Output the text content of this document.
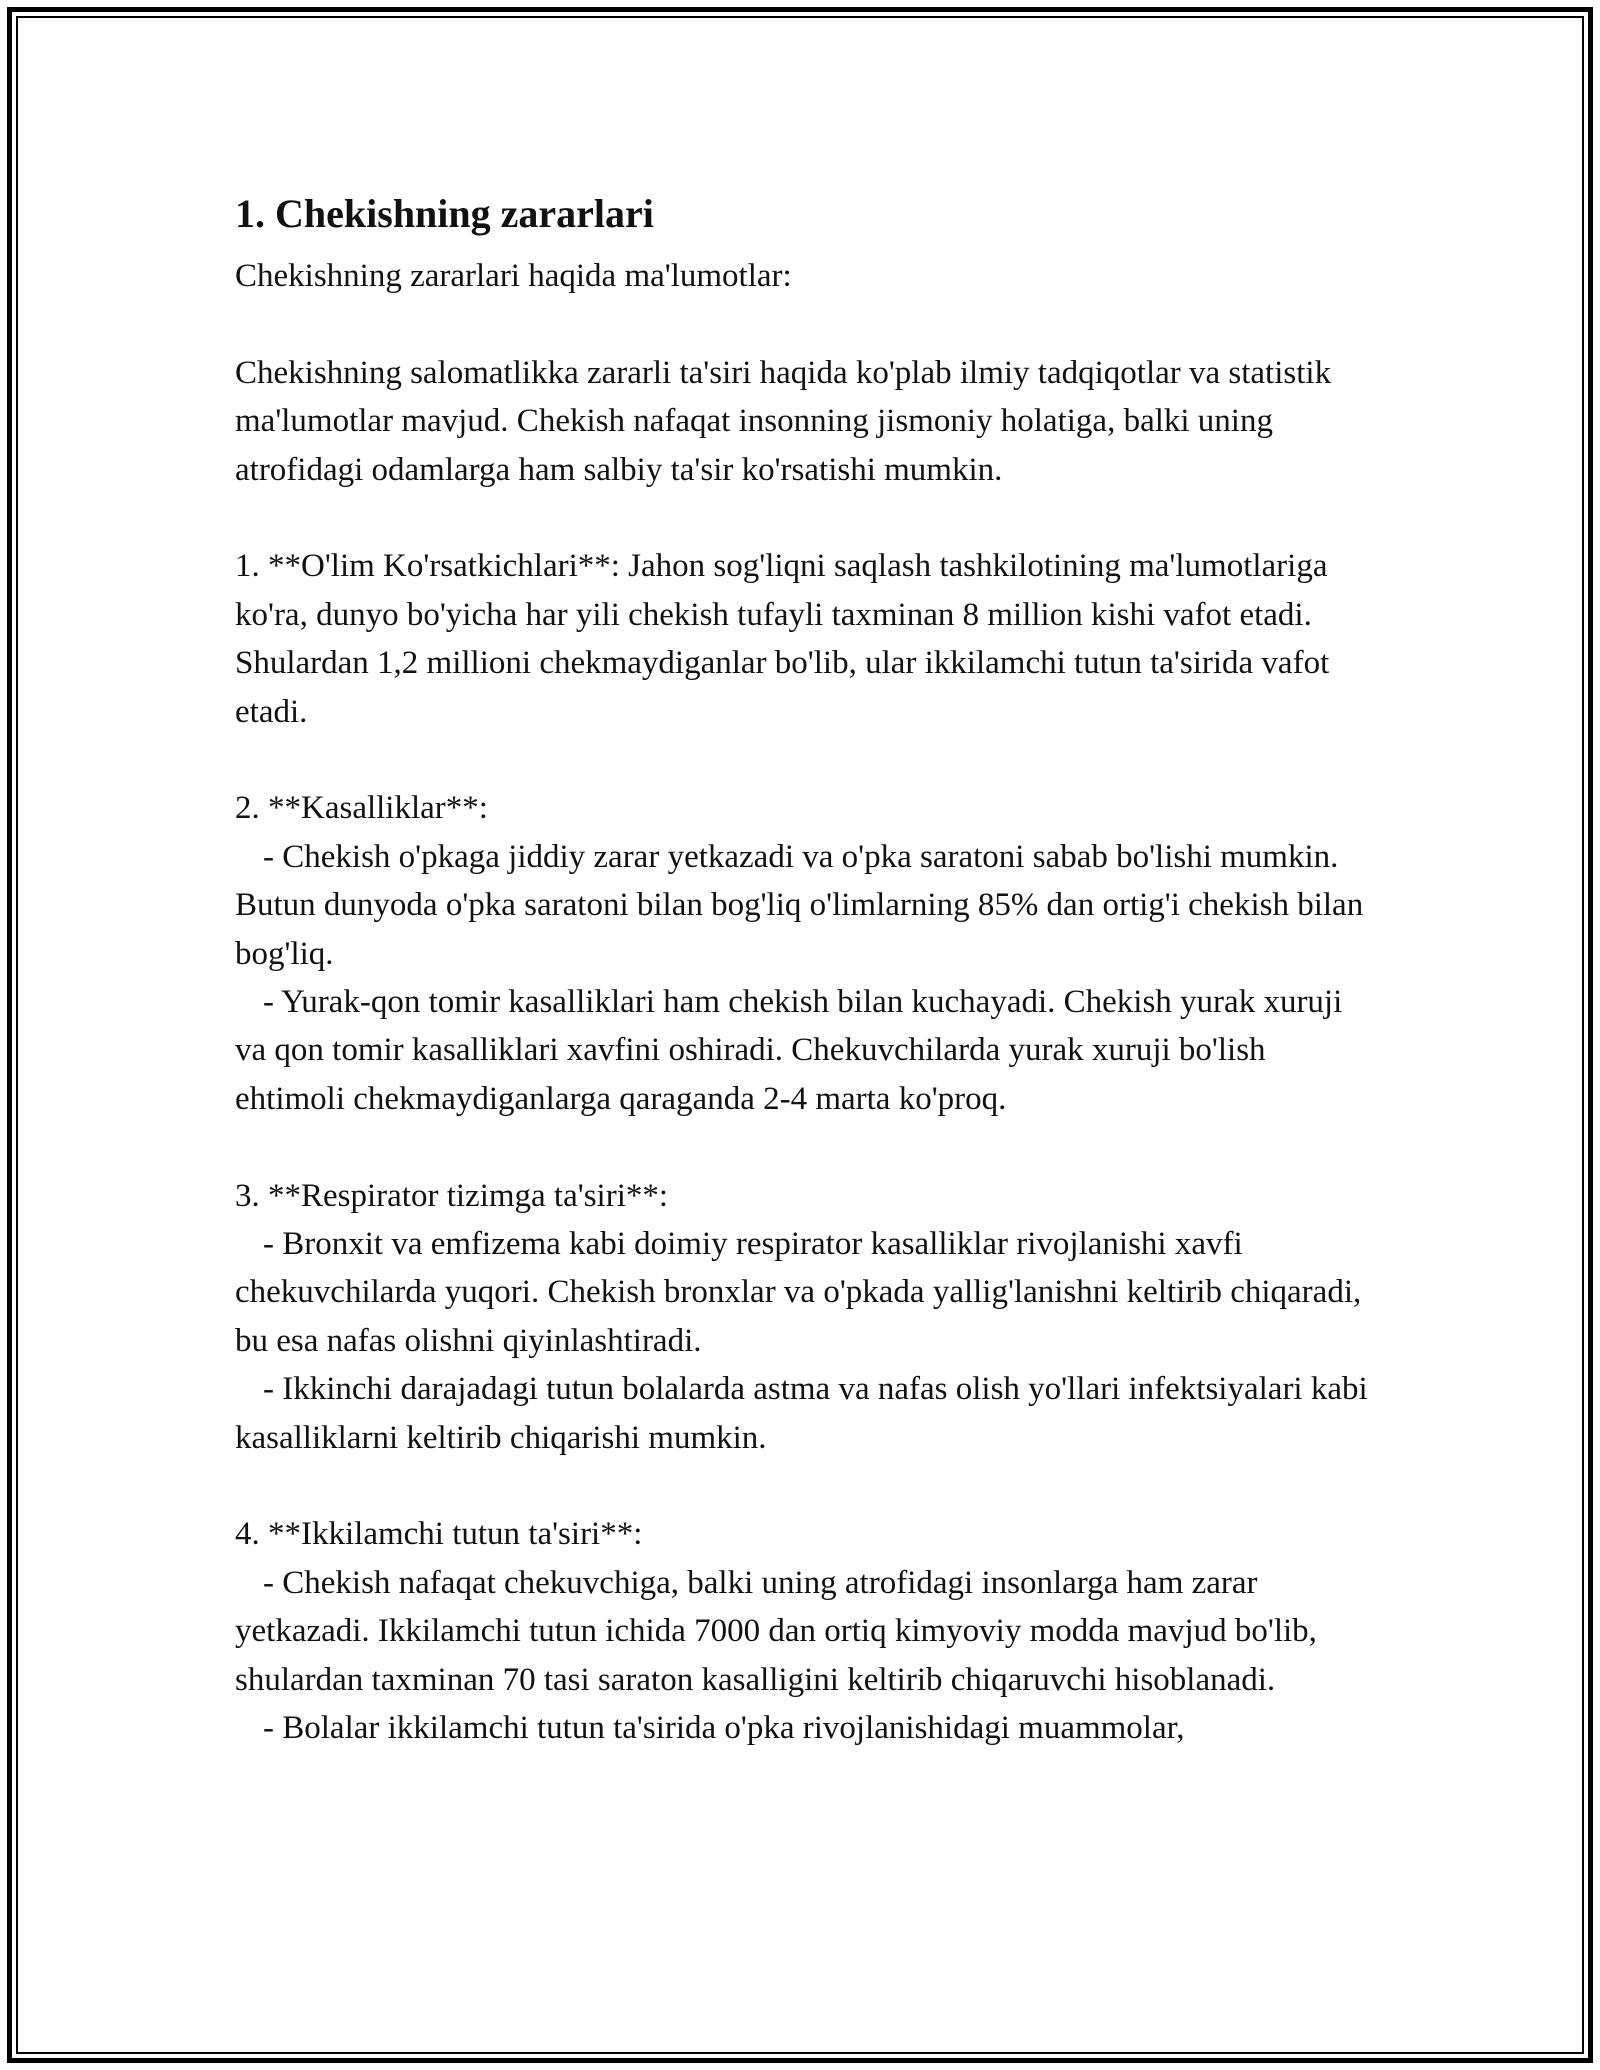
1. Chekishning zararlari

Chekishning zararlari haqida ma'lumotlar:

Chekishning salomatlikka zararli ta'siri haqida ko'plab ilmiy tadqiqotlar va statistik ma'lumotlar mavjud. Chekish nafaqat insonning jismoniy holatiga, balki uning atrofidagi odamlarga ham salbiy ta'sir ko'rsatishi mumkin.

1. **O'lim Ko'rsatkichlari**: Jahon sog'liqni saqlash tashkilotining ma'lumotlariga ko'ra, dunyo bo'yicha har yili chekish tufayli taxminan 8 million kishi vafot etadi. Shulardan 1,2 millioni chekmaydiganlar bo'lib, ular ikkilamchi tutun ta'sirida vafot etadi.

2. **Kasalliklar**:

- Chekish o'pkaga jiddiy zarar yetkazadi va o'pka saratoni sabab bo'lishi mumkin. Butun dunyoda o'pka saratoni bilan bog'liq o'limlarning 85% dan ortig'i chekish bilan bog'liq.

- Yurak-qon tomir kasalliklari ham chekish bilan kuchayadi. Chekish yurak xuruji va qon tomir kasalliklari xavfini oshiradi. Chekuvchilarda yurak xuruji bo'lish ehtimoli chekmaydiganlarga qaraganda 2-4 marta ko'proq.

3. **Respirator tizimga ta'siri**:

- Bronxit va emfizema kabi doimiy respirator kasalliklar rivojlanishi xavfi chekuvchilarda yuqori. Chekish bronxlar va o'pkada yallig'lanishni keltirib chiqaradi, bu esa nafas olishni qiyinlashtiradi.

- Ikkinchi darajadagi tutun bolalarda astma va nafas olish yo'llari infektsiyalari kabi kasalliklarni keltirib chiqarishi mumkin.

4. **Ikkilamchi tutun ta'siri**:

- Chekish nafaqat chekuvchiga, balki uning atrofidagi insonlarga ham zarar yetkazadi. Ikkilamchi tutun ichida 7000 dan ortiq kimyoviy modda mavjud bo'lib, shulardan taxminan 70 tasi saraton kasalligini keltirib chiqaruvchi hisoblanadi.

- Bolalar ikkilamchi tutun ta'sirida o'pka rivojlanishidagi muammolar,
